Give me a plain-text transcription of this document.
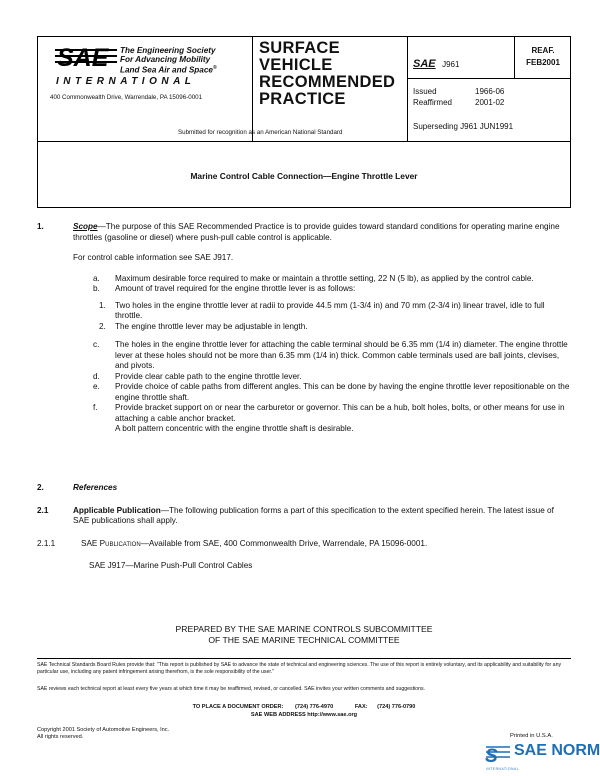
SAE The Engineering Society
For Advancing Mobility
Land Sea Air and Space®
INTERNATIONAL
400 Commonwealth Drive, Warrendale, PA 15096-0001
Submitted for recognition as an American National Standard
SURFACE
VEHICLE
RECOMMENDED
PRACTICE
SAE J961
REAF.
FEB2001
Issued	1966-06
Reaffirmed	2001-02
Superseding J961 JUN1991
Marine Control Cable Connection—Engine Throttle Lever
1.	Scope—The purpose of this SAE Recommended Practice is to provide guides toward standard conditions for operating marine engine throttles (gasoline or diesel) where push-pull cable control is applicable.
For control cable information see SAE J917.
a. Maximum desirable force required to make or maintain a throttle setting, 22 N (5 lb), as applied by the control cable.
b. Amount of travel required for the engine throttle lever is as follows:
1. Two holes in the engine throttle lever at radii to provide 44.5 mm (1-3/4 in) and 70 mm (2-3/4 in) linear travel, idle to full throttle.
2. The engine throttle lever may be adjustable in length.
c. The holes in the engine throttle lever for attaching the cable terminal should be 6.35 mm (1/4 in) diameter. The engine throttle lever at these holes should not be more than 6.35 mm (1/4 in) thick. Common cable terminals used are ball joints, clevises, and pivots.
d. Provide clear cable path to the engine throttle lever.
e. Provide choice of cable paths from different angles. This can be done by having the engine throttle lever repositionable on the engine throttle shaft.
f. Provide bracket support on or near the carburetor or governor. This can be a hub, bolt holes, bolts, or other means for use in attaching a cable anchor bracket.
A bolt pattern concentric with the engine throttle shaft is desirable.
2.	References
2.1	Applicable Publication—The following publication forms a part of this specification to the extent specified herein. The latest issue of SAE publications shall apply.
2.1.1	SAE Publication—Available from SAE, 400 Commonwealth Drive, Warrendale, PA 15096-0001.
SAE J917—Marine Push-Pull Control Cables
PREPARED BY THE SAE MARINE CONTROLS SUBCOMMITTEE
OF THE SAE MARINE TECHNICAL COMMITTEE
SAE Technical Standards Board Rules provide that: "This report is published by SAE to advance the state of technical and engineering sciences. The use of this report is entirely voluntary, and its applicability and suitability for any particular use, including any patent infringement arising therefrom, is the sole responsibility of the user."
SAE reviews each technical report at least every five years at which time it may be reaffirmed, revised, or cancelled. SAE invites your written comments and suggestions.
TO PLACE A DOCUMENT ORDER: (724) 776-4970	FAX: (724) 776-0790
SAE WEB ADDRESS http://www.sae.org
Copyright 2001 Society of Automotive Engineers, Inc.
All rights reserved.	Printed in U.S.A.
S SAE NORM
INTERNATIONAL
